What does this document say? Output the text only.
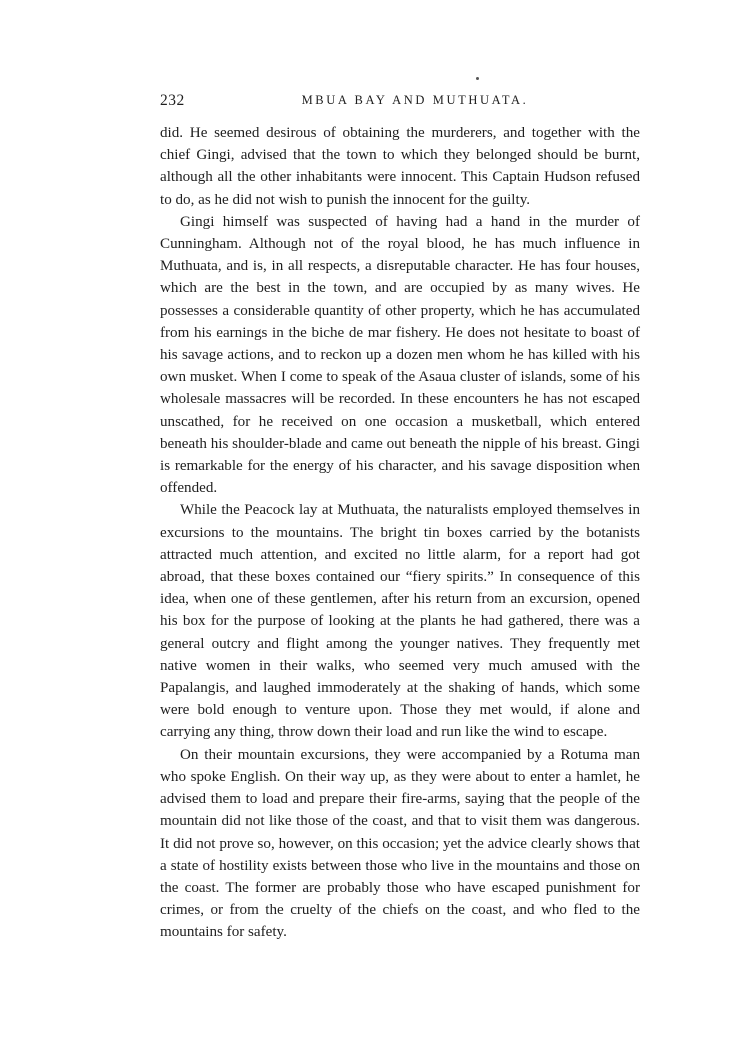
232	MBUA BAY AND MUTHUATA.

did. He seemed desirous of obtaining the murderers, and together with the chief Gingi, advised that the town to which they belonged should be burnt, although all the other inhabitants were innocent. This Captain Hudson refused to do, as he did not wish to punish the innocent for the guilty.

Gingi himself was suspected of having had a hand in the murder of Cunningham. Although not of the royal blood, he has much influence in Muthuata, and is, in all respects, a disreputable character. He has four houses, which are the best in the town, and are occupied by as many wives. He possesses a considerable quantity of other property, which he has accumulated from his earnings in the biche de mar fishery. He does not hesitate to boast of his savage actions, and to reckon up a dozen men whom he has killed with his own musket. When I come to speak of the Asaua cluster of islands, some of his wholesale massacres will be recorded. In these encounters he has not escaped unscathed, for he received on one occasion a musketball, which entered beneath his shoulder-blade and came out beneath the nipple of his breast. Gingi is remarkable for the energy of his character, and his savage disposition when offended.

While the Peacock lay at Muthuata, the naturalists employed themselves in excursions to the mountains. The bright tin boxes carried by the botanists attracted much attention, and excited no little alarm, for a report had got abroad, that these boxes contained our “fiery spirits.” In consequence of this idea, when one of these gentlemen, after his return from an excursion, opened his box for the purpose of looking at the plants he had gathered, there was a general outcry and flight among the younger natives. They frequently met native women in their walks, who seemed very much amused with the Papalangis, and laughed immoderately at the shaking of hands, which some were bold enough to venture upon. Those they met would, if alone and carrying any thing, throw down their load and run like the wind to escape.

On their mountain excursions, they were accompanied by a Rotuma man who spoke English. On their way up, as they were about to enter a hamlet, he advised them to load and prepare their fire-arms, saying that the people of the mountain did not like those of the coast, and that to visit them was dangerous. It did not prove so, however, on this occasion; yet the advice clearly shows that a state of hostility exists between those who live in the mountains and those on the coast. The former are probably those who have escaped punishment for crimes, or from the cruelty of the chiefs on the coast, and who fled to the mountains for safety.
